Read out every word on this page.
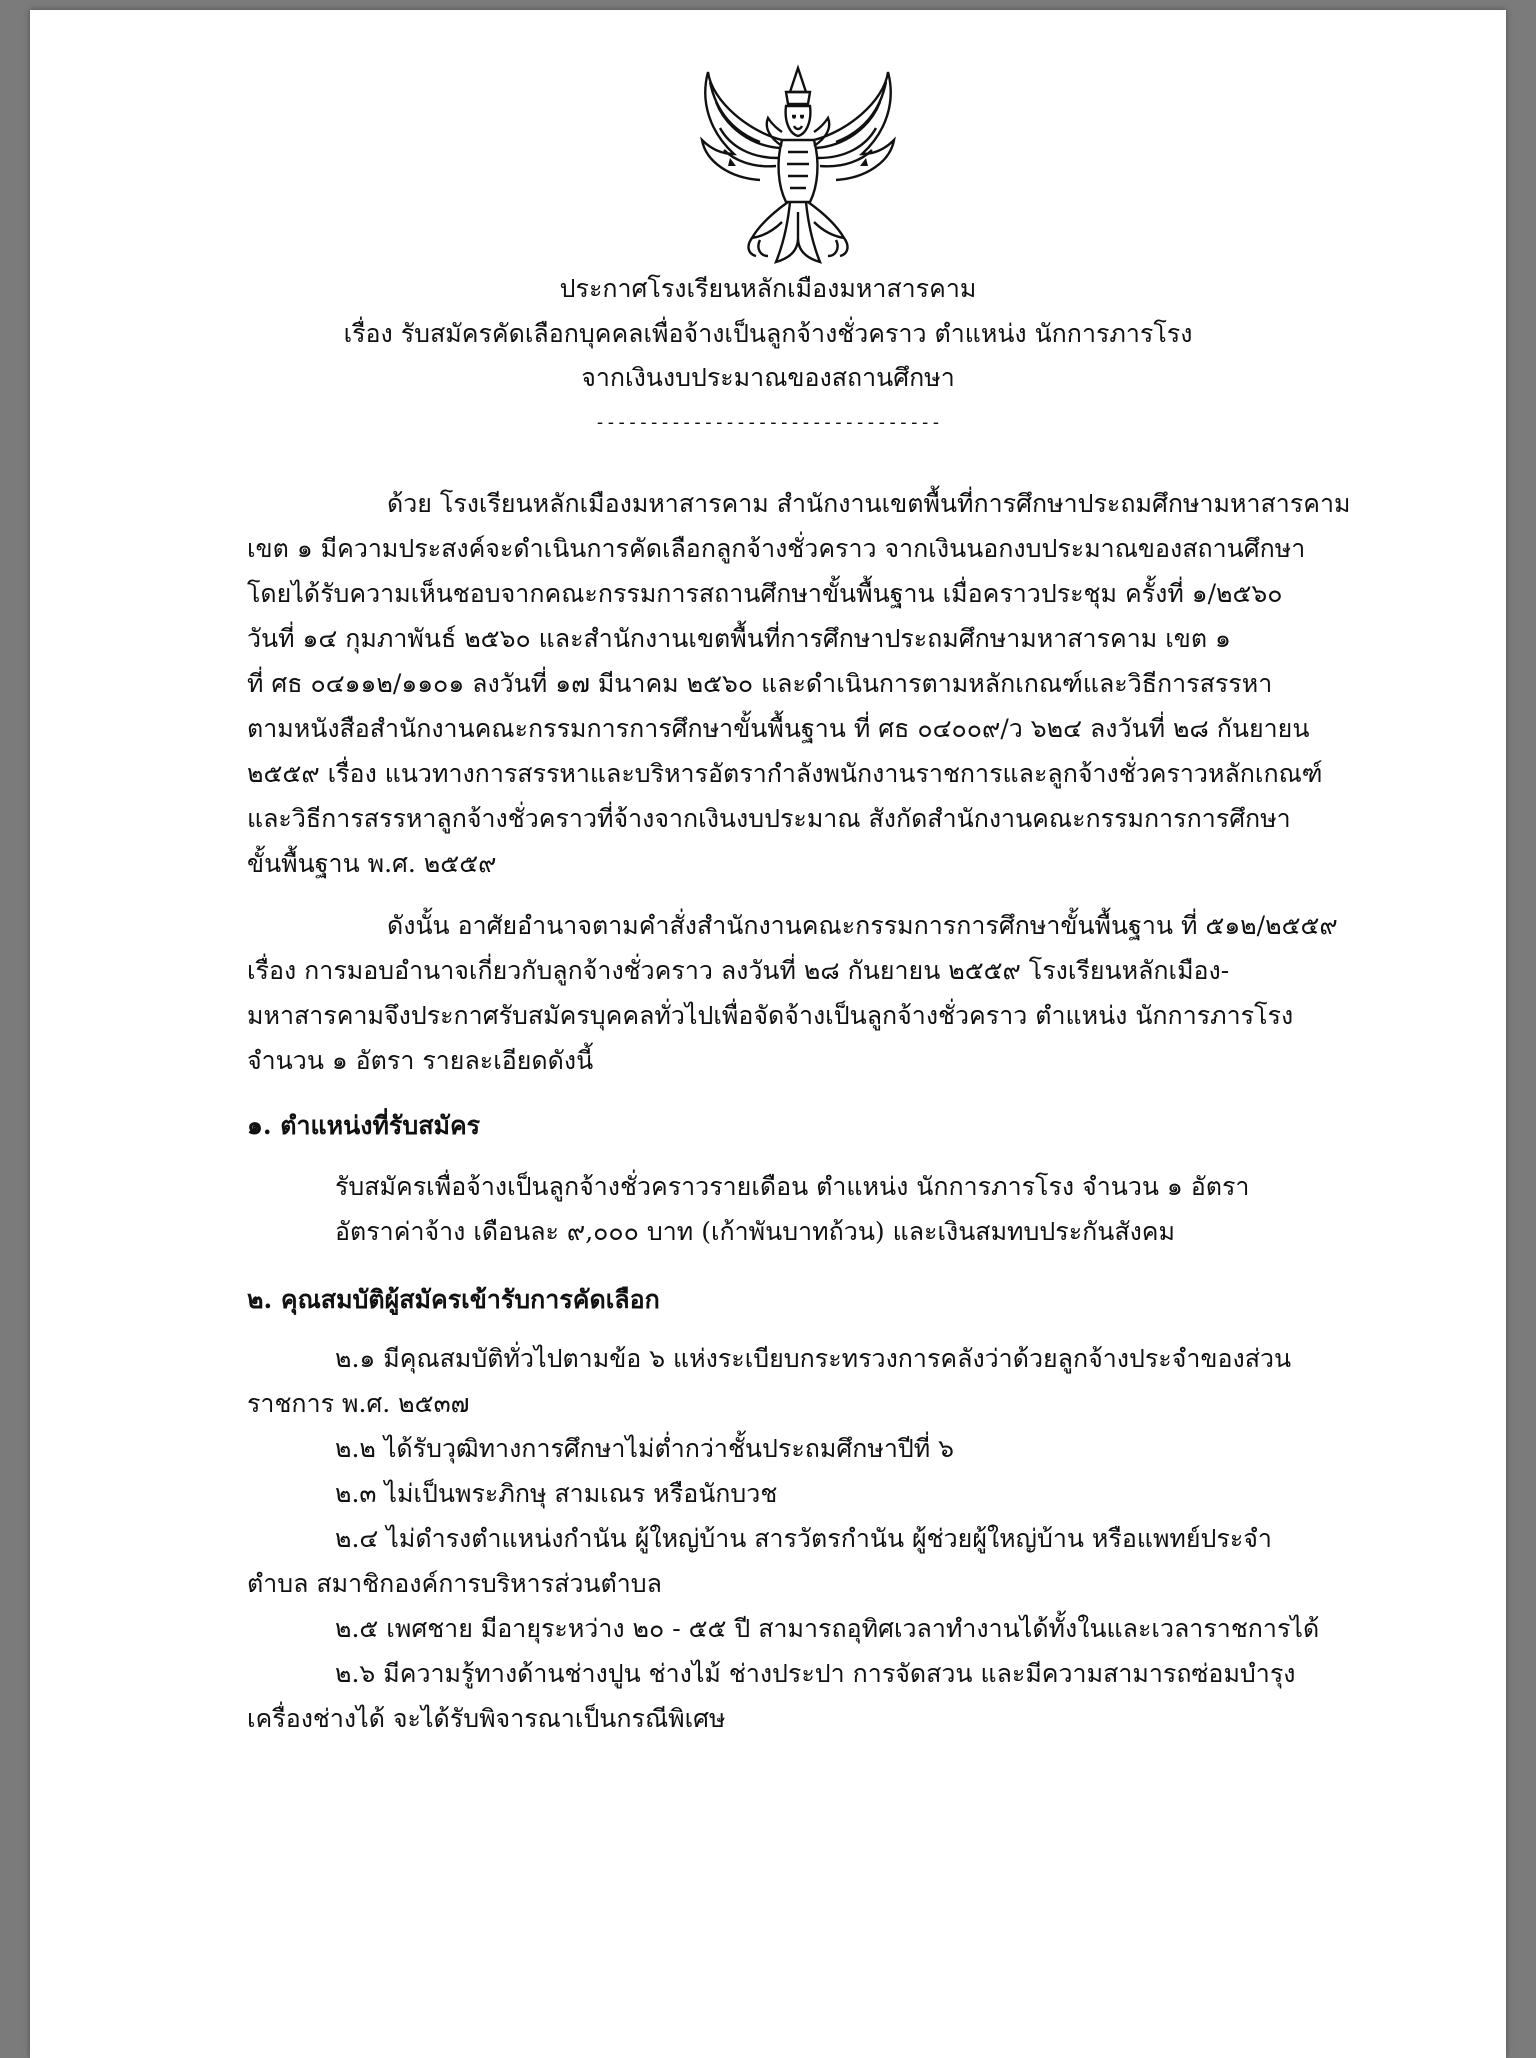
ประกาศโรงเรียนหลักเมืองมหาสารคาม
เรื่อง รับสมัครคัดเลือกบุคคลเพื่อจ้างเป็นลูกจ้างชั่วคราว ตำแหน่ง นักการภารโรง
จากเงินงบประมาณของสถานศึกษา
--------------------------------
ด้วย โรงเรียนหลักเมืองมหาสารคาม สำนักงานเขตพื้นที่การศึกษาประถมศึกษามหาสารคาม
เขต ๑ มีความประสงค์จะดำเนินการคัดเลือกลูกจ้างชั่วคราว จากเงินนอกงบประมาณของสถานศึกษา
โดยได้รับความเห็นชอบจากคณะกรรมการสถานศึกษาขั้นพื้นฐาน เมื่อคราวประชุม ครั้งที่ ๑/๒๕๖๐
วันที่ ๑๔ กุมภาพันธ์ ๒๕๖๐ และสำนักงานเขตพื้นที่การศึกษาประถมศึกษามหาสารคาม เขต ๑
ที่ ศธ ๐๔๑๑๒/๑๑๐๑ ลงวันที่ ๑๗ มีนาคม ๒๕๖๐ และดำเนินการตามหลักเกณฑ์และวิธีการสรรหา
ตามหนังสือสำนักงานคณะกรรมการการศึกษาขั้นพื้นฐาน ที่ ศธ ๐๔๐๐๙/ว ๖๒๔ ลงวันที่ ๒๘ กันยายน
๒๕๕๙ เรื่อง แนวทางการสรรหาและบริหารอัตรากำลังพนักงานราชการและลูกจ้างชั่วคราวหลักเกณฑ์
และวิธีการสรรหาลูกจ้างชั่วคราวที่จ้างจากเงินงบประมาณ สังกัดสำนักงานคณะกรรมการการศึกษา
ขั้นพื้นฐาน พ.ศ. ๒๕๕๙
ดังนั้น อาศัยอำนาจตามคำสั่งสำนักงานคณะกรรมการการศึกษาขั้นพื้นฐาน ที่ ๕๑๒/๒๕๕๙
เรื่อง การมอบอำนาจเกี่ยวกับลูกจ้างชั่วคราว ลงวันที่ ๒๘ กันยายน ๒๕๕๙ โรงเรียนหลักเมือง-
มหาสารคามจึงประกาศรับสมัครบุคคลทั่วไปเพื่อจัดจ้างเป็นลูกจ้างชั่วคราว ตำแหน่ง นักการภารโรง
จำนวน ๑ อัตรา รายละเอียดดังนี้
๑. ตำแหน่งที่รับสมัคร
รับสมัครเพื่อจ้างเป็นลูกจ้างชั่วคราวรายเดือน ตำแหน่ง นักการภารโรง จำนวน ๑ อัตรา
อัตราค่าจ้าง เดือนละ ๙,๐๐๐ บาท (เก้าพันบาทถ้วน) และเงินสมทบประกันสังคม
๒. คุณสมบัติผู้สมัครเข้ารับการคัดเลือก
๒.๑ มีคุณสมบัติทั่วไปตามข้อ ๖ แห่งระเบียบกระทรวงการคลังว่าด้วยลูกจ้างประจำของส่วน
ราชการ พ.ศ. ๒๕๓๗
๒.๒ ได้รับวุฒิทางการศึกษาไม่ต่ำกว่าชั้นประถมศึกษาปีที่ ๖
๒.๓ ไม่เป็นพระภิกษุ สามเณร หรือนักบวช
๒.๔ ไม่ดำรงตำแหน่งกำนัน ผู้ใหญ่บ้าน สารวัตรกำนัน ผู้ช่วยผู้ใหญ่บ้าน หรือแพทย์ประจำ
ตำบล สมาชิกองค์การบริหารส่วนตำบล
๒.๕ เพศชาย มีอายุระหว่าง ๒๐ - ๕๕ ปี สามารถอุทิศเวลาทำงานได้ทั้งในและเวลาราชการได้
๒.๖ มีความรู้ทางด้านช่างปูน ช่างไม้ ช่างประปา การจัดสวน และมีความสามารถซ่อมบำรุง
เครื่องช่างได้ จะได้รับพิจารณาเป็นกรณีพิเศษ
